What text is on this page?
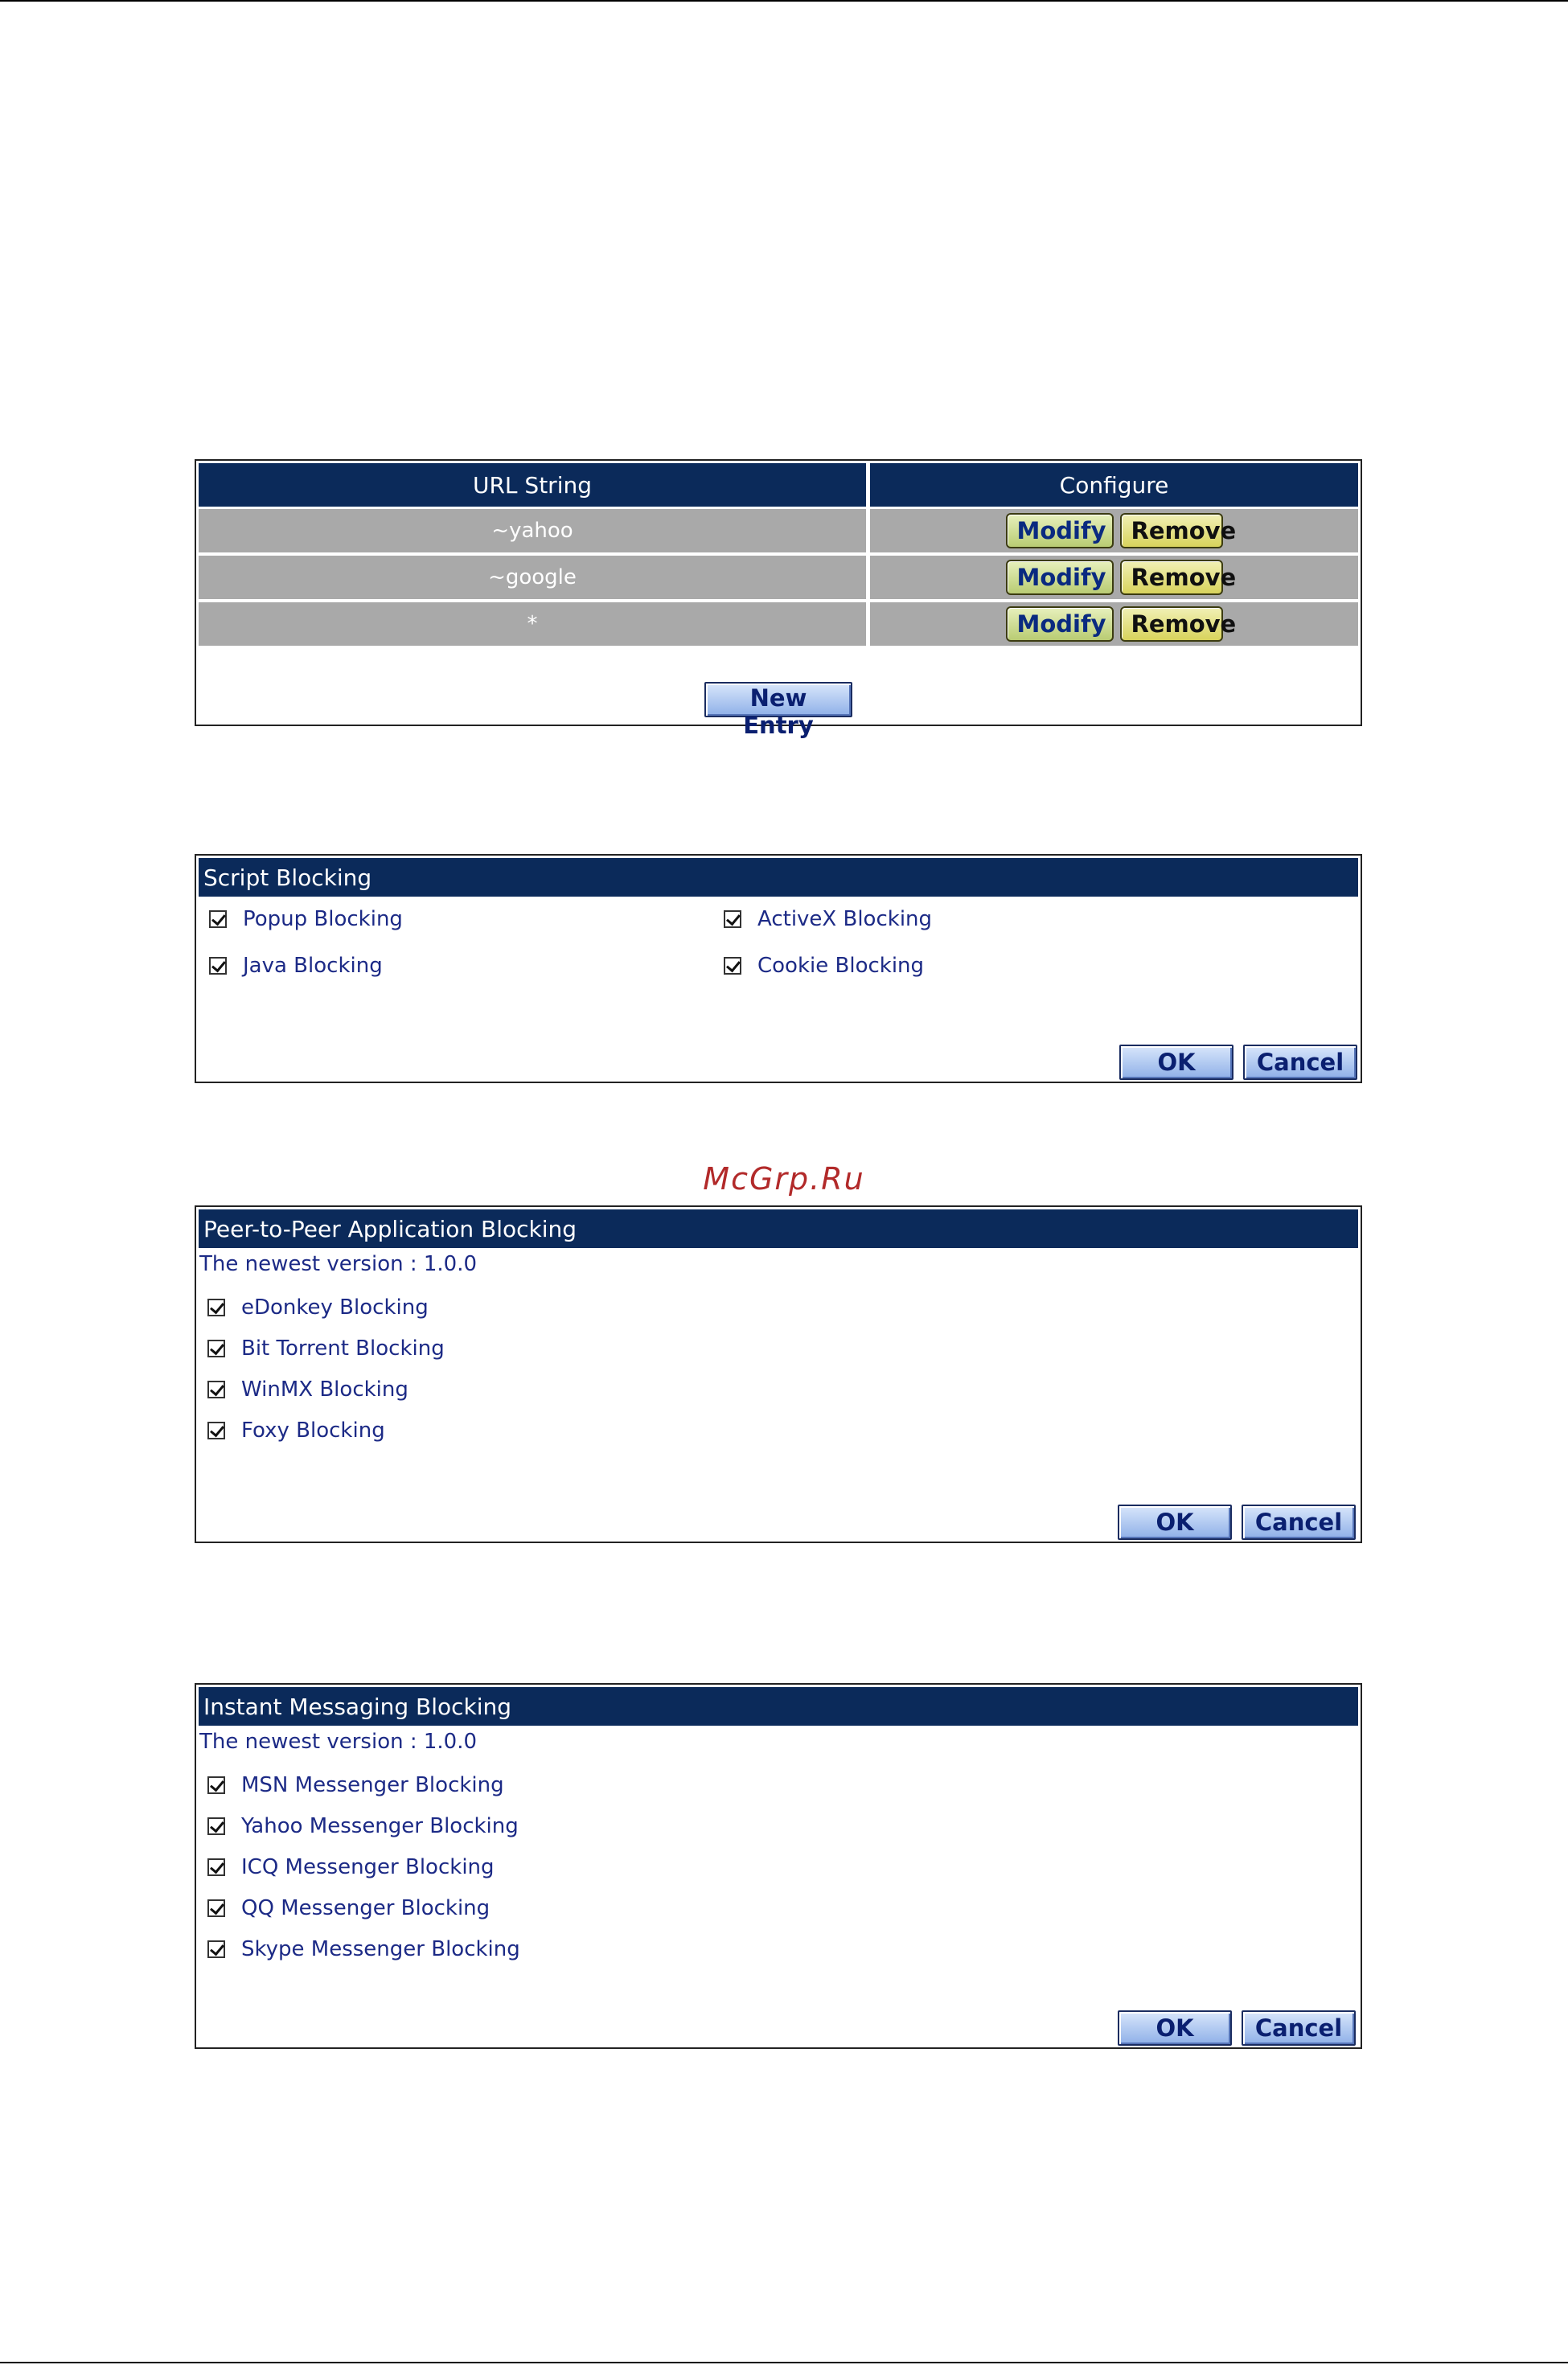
URL String	Configure
~yahoo	Modify	Remove
~google	Modify	Remove
*	Modify	Remove
New Entry
Script Blocking
Popup Blocking	ActiveX Blocking
Java Blocking	Cookie Blocking
OK	Cancel
McGrp.Ru
Peer-to-Peer Application Blocking
The newest version : 1.0.0
eDonkey Blocking
Bit Torrent Blocking
WinMX Blocking
Foxy Blocking
OK	Cancel
Instant Messaging Blocking
The newest version : 1.0.0
MSN Messenger Blocking
Yahoo Messenger Blocking
ICQ Messenger Blocking
QQ Messenger Blocking
Skype Messenger Blocking
OK	Cancel
